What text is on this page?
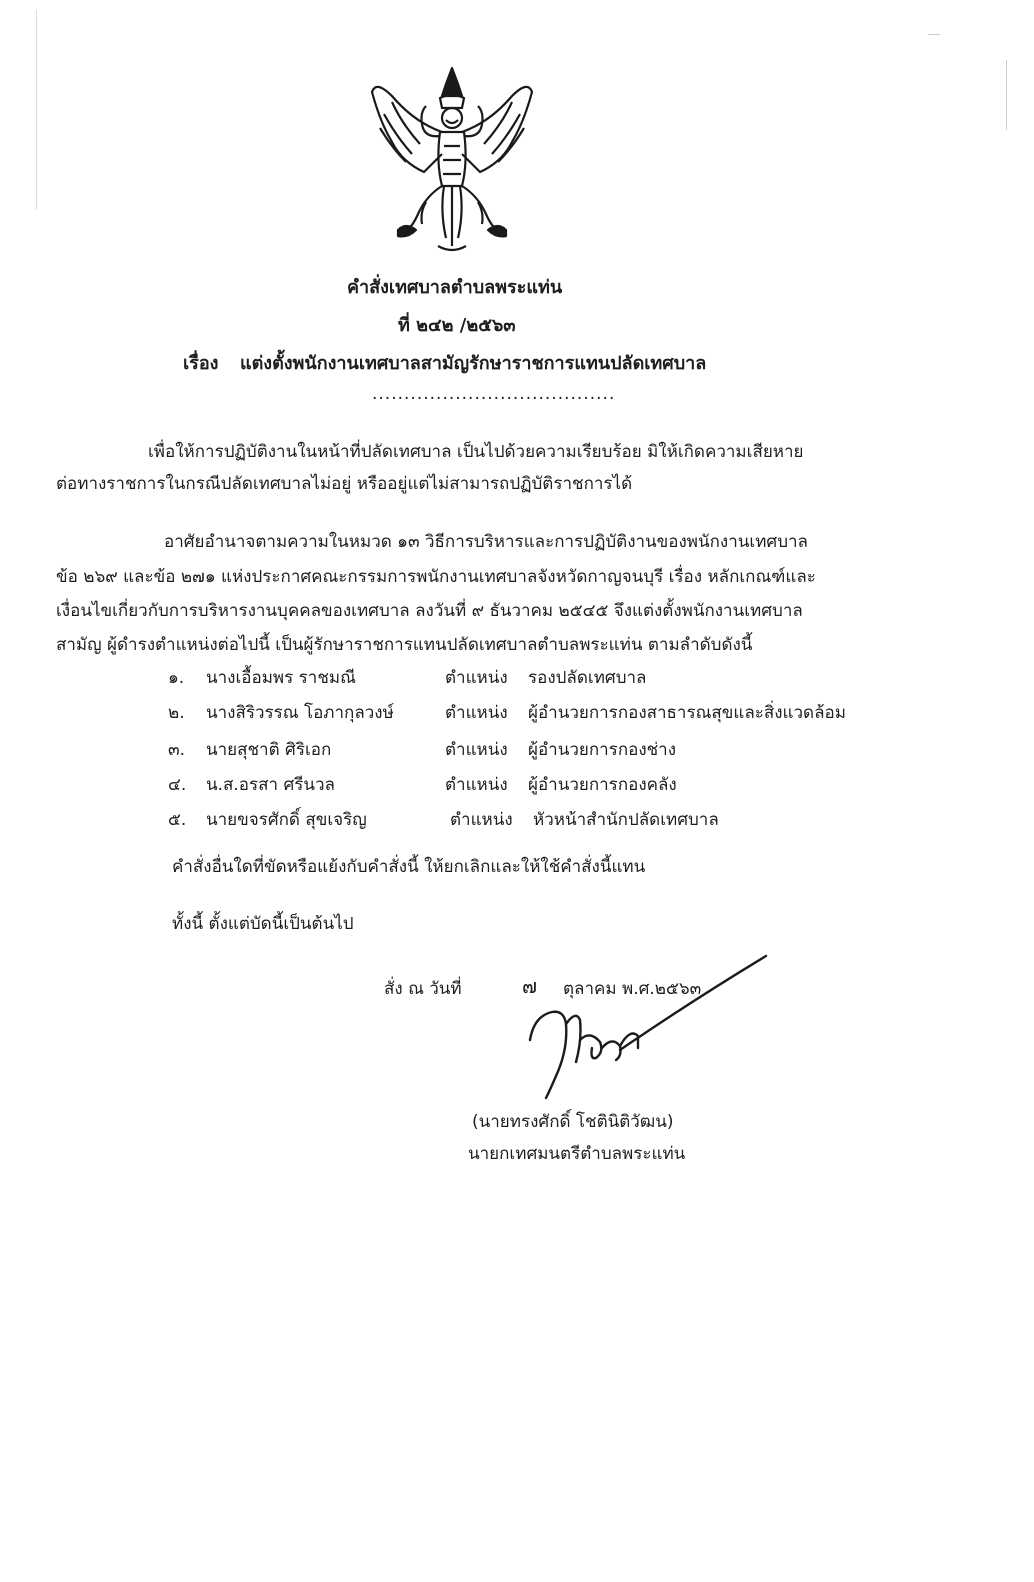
คำสั่งเทศบาลตำบลพระแท่น
ที่ ๒๔๒ /๒๕๖๓
เรื่อง แต่งตั้งพนักงานเทศบาลสามัญรักษาราชการแทนปลัดเทศบาล
......................................
เพื่อให้การปฏิบัติงานในหน้าที่ปลัดเทศบาล เป็นไปด้วยความเรียบร้อย มิให้เกิดความเสียหาย
ต่อทางราชการในกรณีปลัดเทศบาลไม่อยู่ หรืออยู่แต่ไม่สามารถปฏิบัติราชการได้
อาศัยอำนาจตามความในหมวด ๑๓ วิธีการบริหารและการปฏิบัติงานของพนักงานเทศบาล
ข้อ ๒๖๙ และข้อ ๒๗๑ แห่งประกาศคณะกรรมการพนักงานเทศบาลจังหวัดกาญจนบุรี เรื่อง หลักเกณฑ์และ
เงื่อนไขเกี่ยวกับการบริหารงานบุคคลของเทศบาล ลงวันที่ ๙ ธันวาคม ๒๕๔๕ จึงแต่งตั้งพนักงานเทศบาล
สามัญ ผู้ดำรงตำแหน่งต่อไปนี้ เป็นผู้รักษาราชการแทนปลัดเทศบาลตำบลพระแท่น ตามลำดับดังนี้
๑. นางเอื้อมพร ราชมณี	ตำแหน่ง รองปลัดเทศบาล
๒. นางสิริวรรณ โอภากุลวงษ์	ตำแหน่ง ผู้อำนวยการกองสาธารณสุขและสิ่งแวดล้อม
๓. นายสุชาติ ศิริเอก	ตำแหน่ง ผู้อำนวยการกองช่าง
๔. น.ส.อรสา ศรีนวล	ตำแหน่ง ผู้อำนวยการกองคลัง
๕. นายขจรศักดิ์ สุขเจริญ	ตำแหน่ง หัวหน้าสำนักปลัดเทศบาล
คำสั่งอื่นใดที่ขัดหรือแย้งกับคำสั่งนี้ ให้ยกเลิกและให้ใช้คำสั่งนี้แทน
ทั้งนี้ ตั้งแต่บัดนี้เป็นต้นไป
สั่ง ณ วันที่	๗ ตุลาคม พ.ศ.๒๕๖๓
(นายทรงศักดิ์ โชตินิติวัฒน)
นายกเทศมนตรีตำบลพระแท่น
